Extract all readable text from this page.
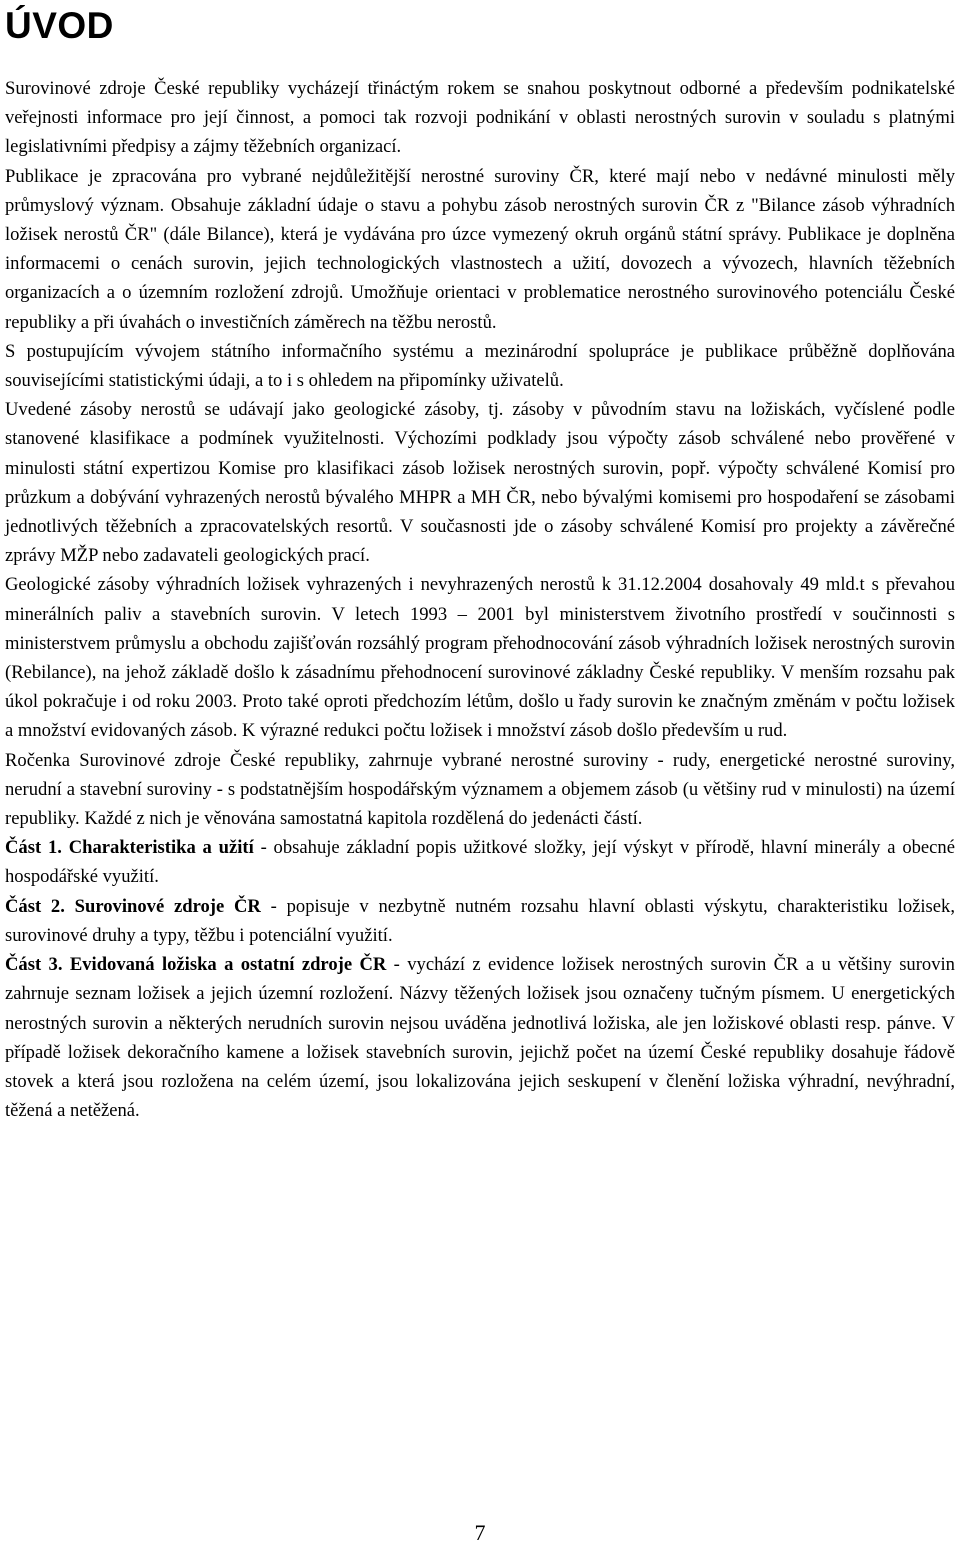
ÚVOD

Surovinové zdroje České republiky vycházejí třináctým rokem se snahou poskytnout odborné a především podnikatelské veřejnosti informace pro její činnost, a pomoci tak rozvoji podnikání v oblasti nerostných surovin v souladu s platnými legislativními předpisy a zájmy těžebních organizací.

Publikace je zpracována pro vybrané nejdůležitější nerostné suroviny ČR, které mají nebo v nedávné minulosti měly průmyslový význam. Obsahuje základní údaje o stavu a pohybu zásob nerostných surovin ČR z "Bilance zásob výhradních ložisek nerostů ČR" (dále Bilance), která je vydávána pro úzce vymezený okruh orgánů státní správy. Publikace je doplněna informacemi o cenách surovin, jejich technologických vlastnostech a užití, dovozech a vývozech, hlavních těžebních organizacích a o územním rozložení zdrojů. Umožňuje orientaci v problematice nerostného surovinového potenciálu České republiky a při úvahách o investičních záměrech na těžbu nerostů.

S postupujícím vývojem státního informačního systému a mezinárodní spolupráce je publikace průběžně doplňována souvisejícími statistickými údaji, a to i s ohledem na připomínky uživatelů.

Uvedené zásoby nerostů se udávají jako geologické zásoby, tj. zásoby v původním stavu na ložiskách, vyčíslené podle stanovené klasifikace a podmínek využitelnosti. Výchozími podklady jsou výpočty zásob schválené nebo prověřené v minulosti státní expertizou Komise pro klasifikaci zásob ložisek nerostných surovin, popř. výpočty schválené Komisí pro průzkum a dobývání vyhrazených nerostů bývalého MHPR a MH ČR, nebo bývalými komisemi pro hospodaření se zásobami jednotlivých těžebních a zpracovatelských resortů. V současnosti jde o zásoby schválené Komisí pro projekty a závěrečné zprávy MŽP nebo zadavateli geologických prací.

Geologické zásoby výhradních ložisek vyhrazených i nevyhrazených nerostů k 31.12.2004 dosahovaly 49 mld.t s převahou minerálních paliv a stavebních surovin. V letech 1993 – 2001 byl ministerstvem životního prostředí v součinnosti s ministerstvem průmyslu a obchodu zajišťován rozsáhlý program přehodnocování zásob výhradních ložisek nerostných surovin (Rebilance), na jehož základě došlo k zásadnímu přehodnocení surovinové základny České republiky. V menším rozsahu pak úkol pokračuje i od roku 2003. Proto také oproti předchozím létům, došlo u řady surovin ke značným změnám v počtu ložisek a množství evidovaných zásob. K výrazné redukci počtu ložisek i množství zásob došlo především u rud.

Ročenka Surovinové zdroje České republiky, zahrnuje vybrané nerostné suroviny - rudy, energetické nerostné suroviny, nerudní a stavební suroviny - s podstatnějším hospodářským významem a objemem zásob (u většiny rud v minulosti) na území republiky. Každé z nich je věnována samostatná kapitola rozdělená do jedenácti částí.

Část 1. Charakteristika a užití - obsahuje základní popis užitkové složky, její výskyt v přírodě, hlavní minerály a obecné hospodářské využití.

Část 2. Surovinové zdroje ČR - popisuje v nezbytně nutném rozsahu hlavní oblasti výskytu, charakteristiku ložisek, surovinové druhy a typy, těžbu i potenciální využití.

Část 3. Evidovaná ložiska a ostatní zdroje ČR - vychází z evidence ložisek nerostných surovin ČR a u většiny surovin zahrnuje seznam ložisek a jejich územní rozložení. Názvy těžených ložisek jsou označeny tučným písmem. U energetických nerostných surovin a některých nerudních surovin nejsou uváděna jednotlivá ložiska, ale jen ložiskové oblasti resp. pánve. V případě ložisek dekoračního kamene a ložisek stavebních surovin, jejichž počet na území České republiky dosahuje řádově stovek a která jsou rozložena na celém území, jsou lokalizována jejich seskupení v členění ložiska výhradní, nevýhradní, těžená a netěžená.

7
